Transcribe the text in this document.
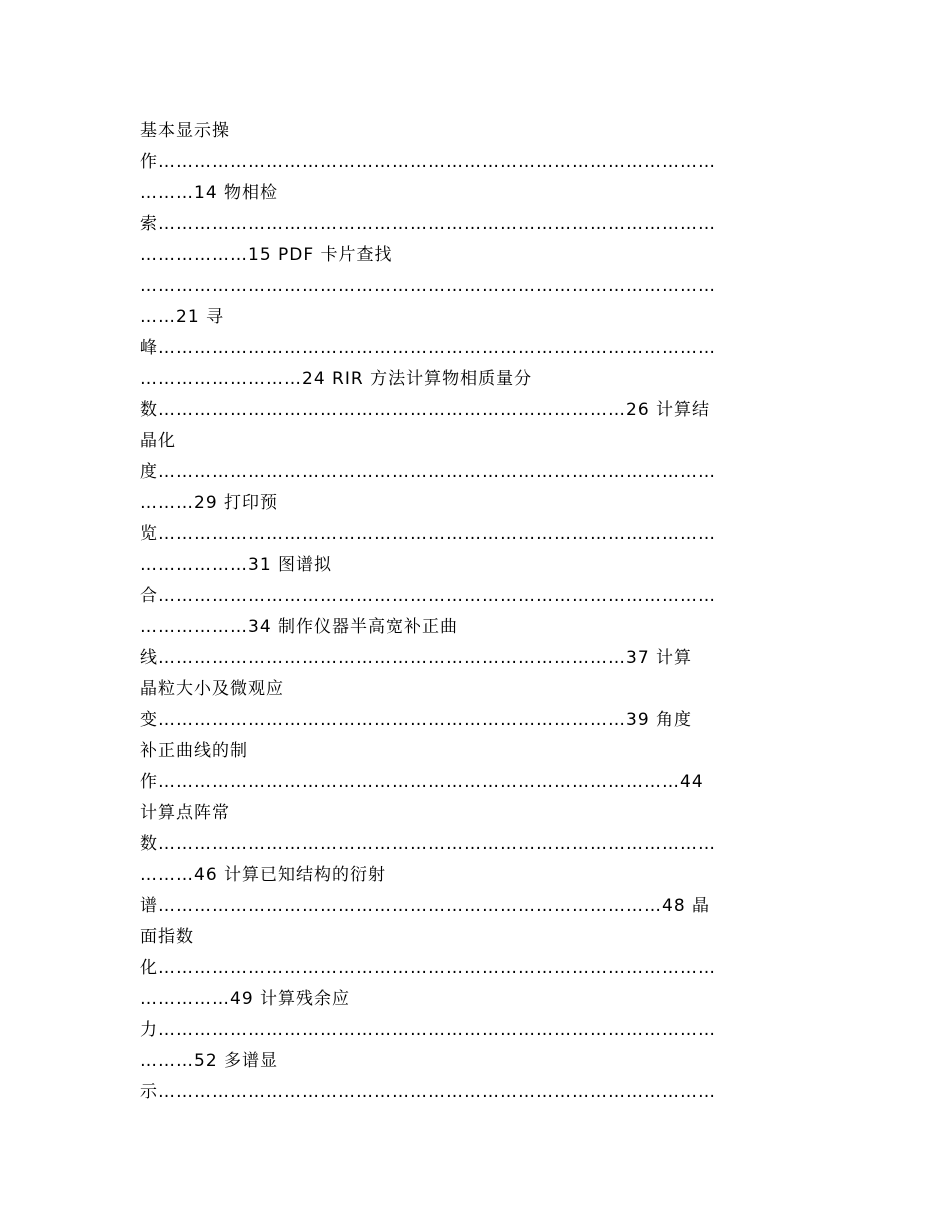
基本显示操
作…………………………………………………………………………………
………14 物相检
索…………………………………………………………………………………
………………15 PDF 卡片查找
……………………………………………………………………………………
……21 寻
峰…………………………………………………………………………………
………………………24 RIR 方法计算物相质量分
数……………………………………………………………………26 计算结
晶化
度…………………………………………………………………………………
………29 打印预
览…………………………………………………………………………………
………………31 图谱拟
合…………………………………………………………………………………
………………34 制作仪器半高宽补正曲
线……………………………………………………………………37 计算
晶粒大小及微观应
变……………………………………………………………………39 角度
补正曲线的制
作……………………………………………………………………………44
计算点阵常
数…………………………………………………………………………………
………46 计算已知结构的衍射
谱…………………………………………………………………………48 晶
面指数
化…………………………………………………………………………………
……………49 计算残余应
力…………………………………………………………………………………
………52 多谱显
示…………………………………………………………………………………
